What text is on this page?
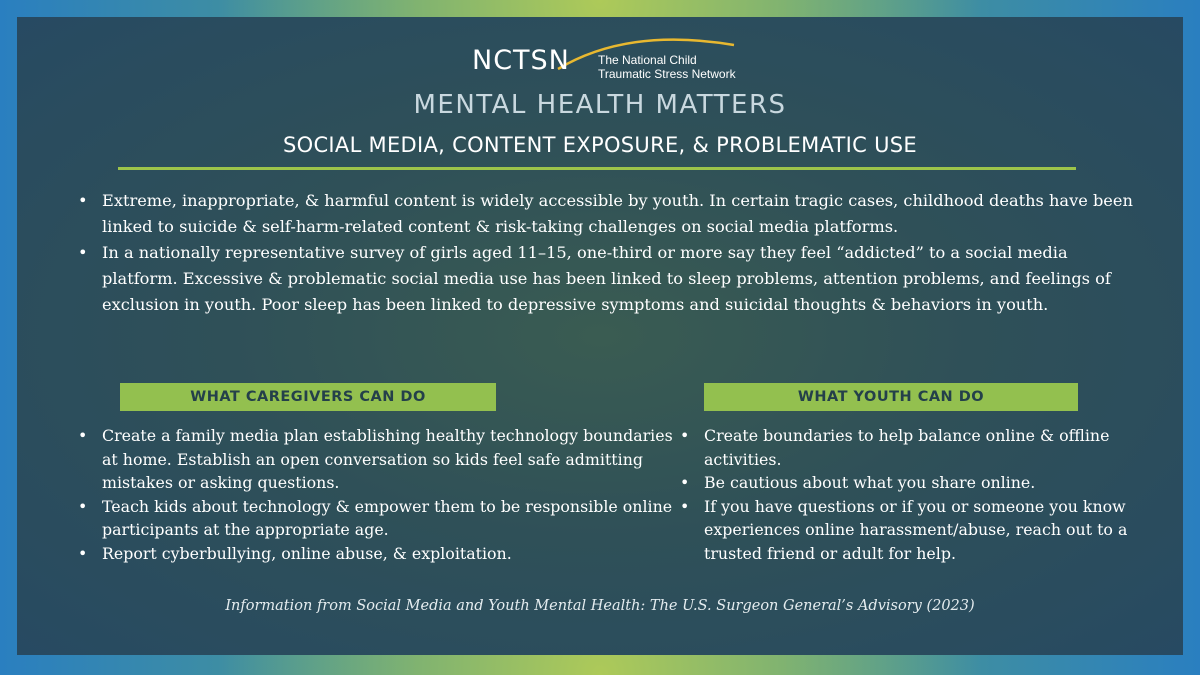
NCTSN The National Child
Traumatic Stress Network
MENTAL HEALTH MATTERS
SOCIAL MEDIA, CONTENT EXPOSURE, & PROBLEMATIC USE
• Extreme, inappropriate, & harmful content is widely accessible by youth. In certain tragic cases, childhood deaths have been linked to suicide & self-harm-related content & risk-taking challenges on social media platforms.
• In a nationally representative survey of girls aged 11–15, one-third or more say they feel “addicted” to a social media platform. Excessive & problematic social media use has been linked to sleep problems, attention problems, and feelings of exclusion in youth. Poor sleep has been linked to depressive symptoms and suicidal thoughts & behaviors in youth.
WHAT CAREGIVERS CAN DO	WHAT YOUTH CAN DO
• Create a family media plan establishing healthy technology boundaries at home. Establish an open conversation so kids feel safe admitting mistakes or asking questions.
• Teach kids about technology & empower them to be responsible online participants at the appropriate age.
• Report cyberbullying, online abuse, & exploitation.
• Create boundaries to help balance online & offline activities.
• Be cautious about what you share online.
• If you have questions or if you or someone you know experiences online harassment/abuse, reach out to a trusted friend or adult for help.
Information from Social Media and Youth Mental Health: The U.S. Surgeon General’s Advisory (2023)
